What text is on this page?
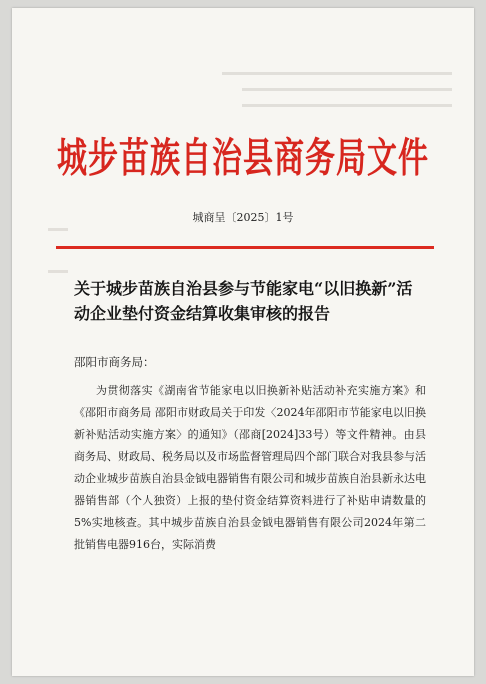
城步苗族自治县商务局文件
城商呈〔2025〕1号
关于城步苗族自治县参与节能家电“以旧换新”活动企业垫付资金结算收集审核的报告
邵阳市商务局：
为贯彻落实《湖南省节能家电以旧换新补贴活动补充实施方案》和《邵阳市商务局 邵阳市财政局关于印发〈2024年邵阳市节能家电以旧换新补贴活动实施方案〉的通知》（邵商[2024]33号）等文件精神。由县商务局、财政局、税务局以及市场监督管理局四个部门联合对我县参与活动企业城步苗族自治县金钺电器销售有限公司和城步苗族自治县新永达电器销售部（个人独资）上报的垫付资金结算资料进行了补贴申请数量的5%实地核查。其中城步苗族自治县金钺电器销售有限公司2024年第二批销售电器916台，实际消费
